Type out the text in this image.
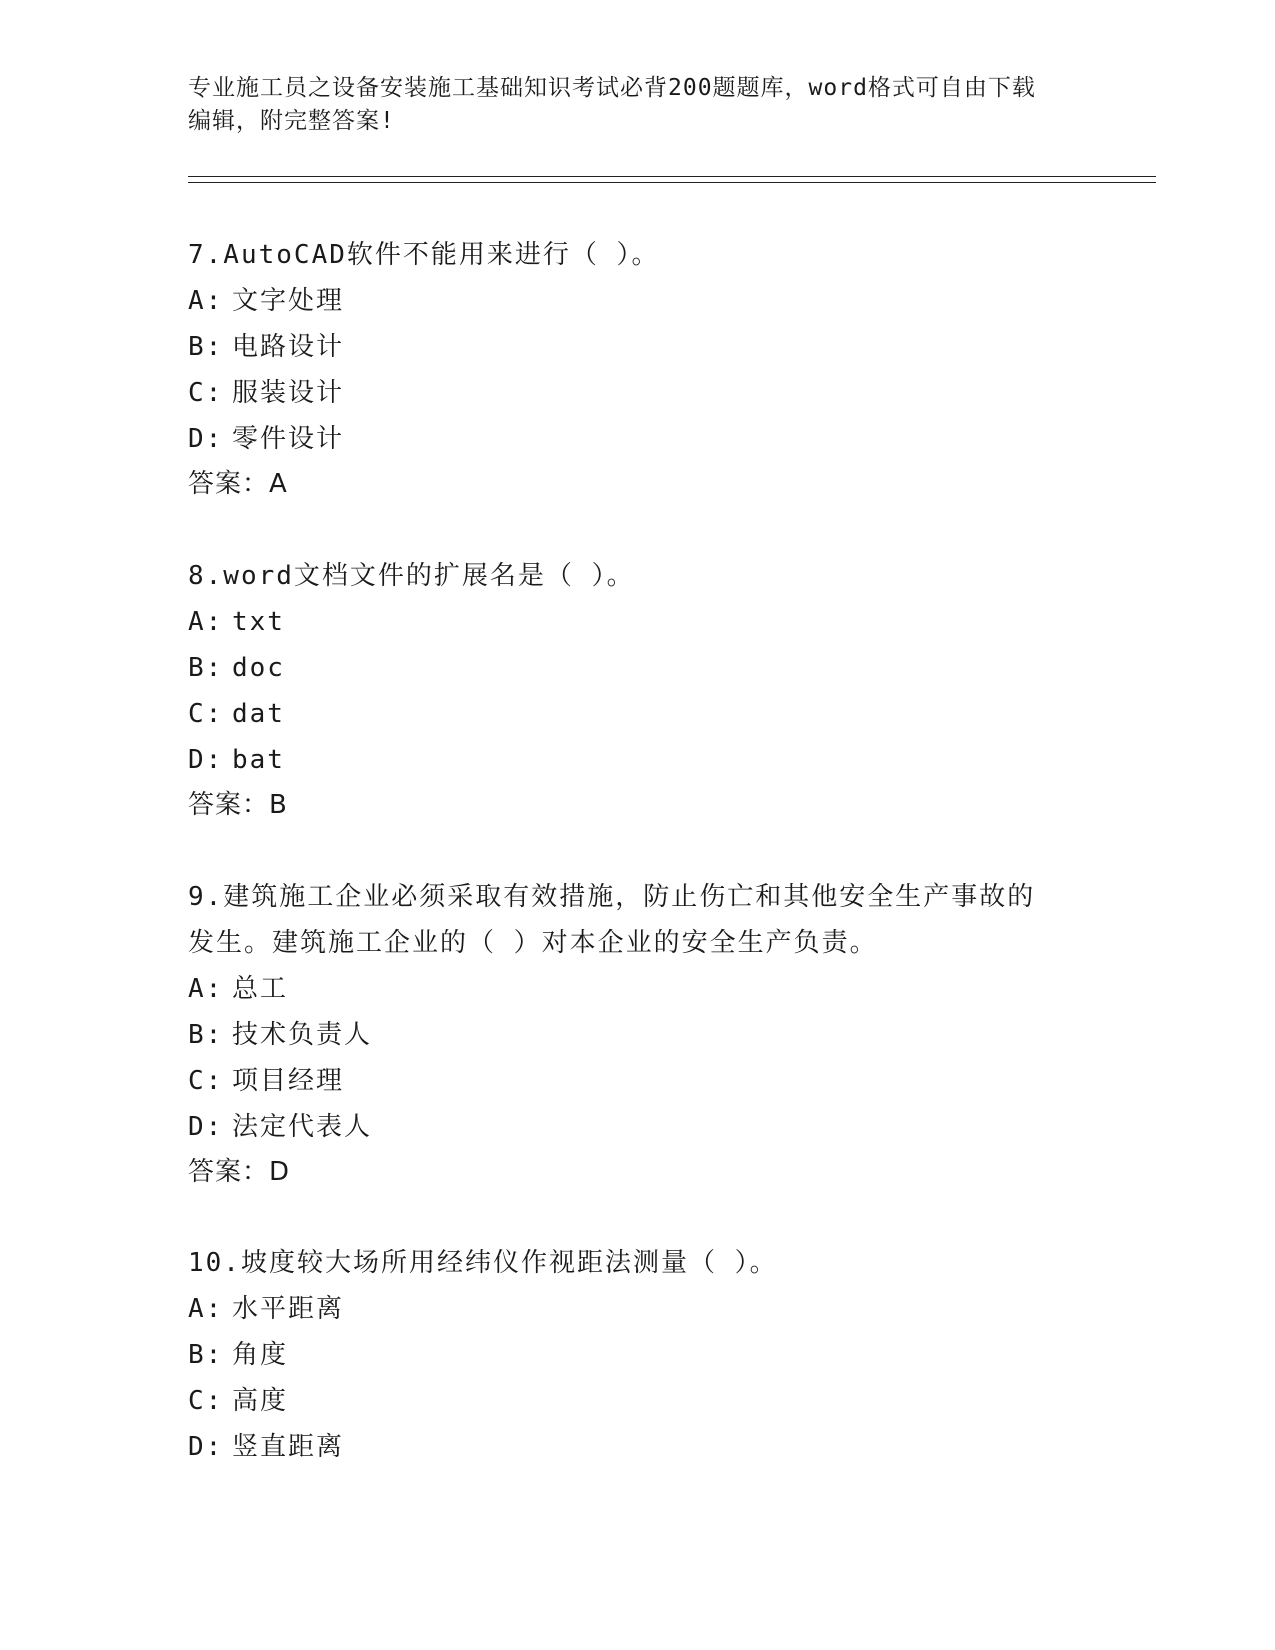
专业施工员之设备安装施工基础知识考试必背200题题库，word格式可自由下载
编辑，附完整答案!
7.AutoCAD软件不能用来进行（ ）。
A: 文字处理
B: 电路设计
C: 服装设计
D: 零件设计
答案：A
8.word文档文件的扩展名是（ ）。
A: txt
B: doc
C: dat
D: bat
答案：B
9.建筑施工企业必须采取有效措施，防止伤亡和其他安全生产事故的
发生。建筑施工企业的（ ）对本企业的安全生产负责。
A: 总工
B: 技术负责人
C: 项目经理
D: 法定代表人
答案：D
10.坡度较大场所用经纬仪作视距法测量（ ）。
A: 水平距离
B: 角度
C: 高度
D: 竖直距离
